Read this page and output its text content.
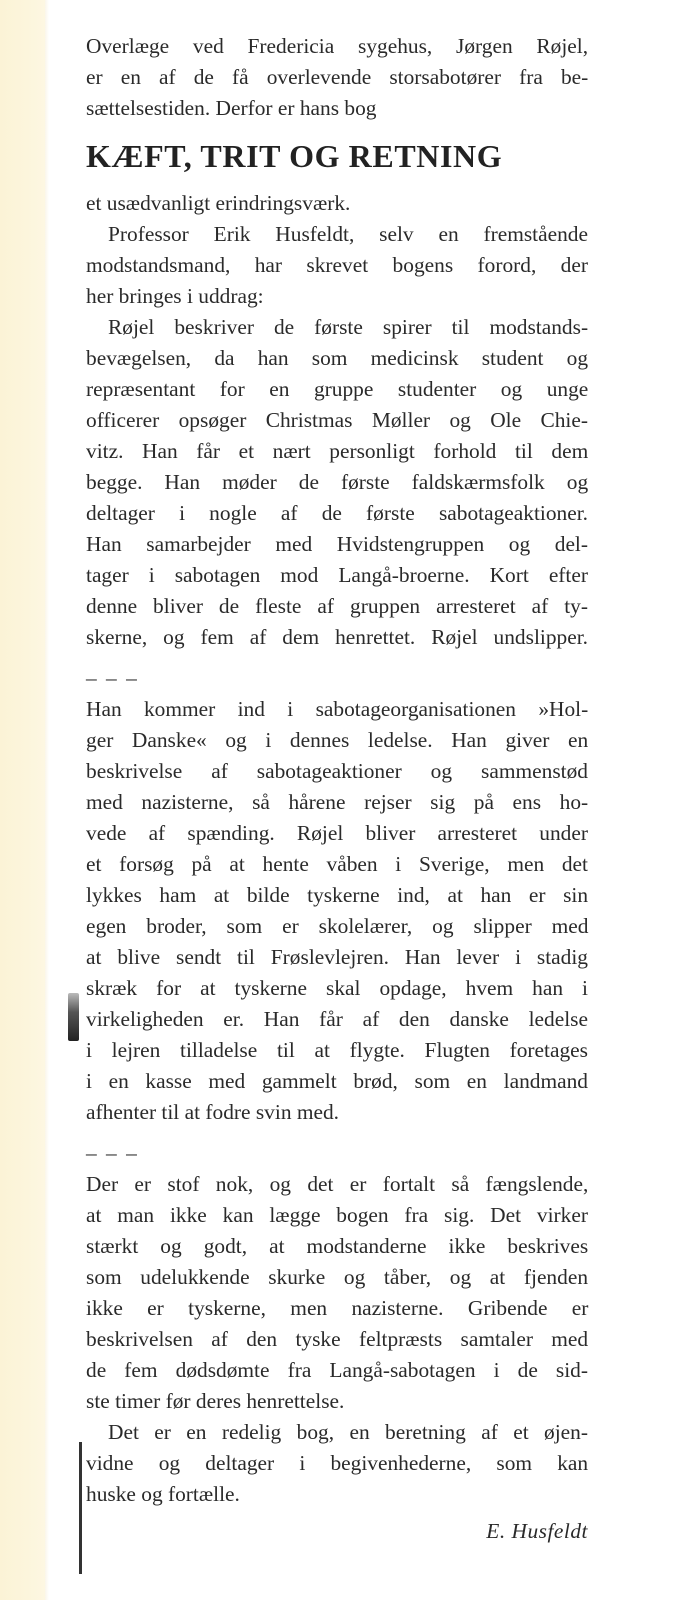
Overlæge ved Fredericia sygehus, Jørgen Røjel,
er en af de få overlevende storsabotører fra be-
sættelsestiden. Derfor er hans bog
KÆFT, TRIT OG RETNING
et usædvanligt erindringsværk.
Professor Erik Husfeldt, selv en fremstående
modstandsmand, har skrevet bogens forord, der
her bringes i uddrag:
Røjel beskriver de første spirer til modstands-
bevægelsen, da han som medicinsk student og
repræsentant for en gruppe studenter og unge
officerer opsøger Christmas Møller og Ole Chie-
vitz. Han får et nært personligt forhold til dem
begge. Han møder de første faldskærmsfolk og
deltager i nogle af de første sabotageaktioner.
Han samarbejder med Hvidstengruppen og del-
tager i sabotagen mod Langå-broerne. Kort efter
denne bliver de fleste af gruppen arresteret af ty-
skerne, og fem af dem henrettet. Røjel undslipper.
– – –
Han kommer ind i sabotageorganisationen »Hol-
ger Danske« og i dennes ledelse. Han giver en
beskrivelse af sabotageaktioner og sammenstød
med nazisterne, så hårene rejser sig på ens ho-
vede af spænding. Røjel bliver arresteret under
et forsøg på at hente våben i Sverige, men det
lykkes ham at bilde tyskerne ind, at han er sin
egen broder, som er skolelærer, og slipper med
at blive sendt til Frøslevlejren. Han lever i stadig
skræk for at tyskerne skal opdage, hvem han i
virkeligheden er. Han får af den danske ledelse
i lejren tilladelse til at flygte. Flugten foretages
i en kasse med gammelt brød, som en landmand
afhenter til at fodre svin med.
– – –
Der er stof nok, og det er fortalt så fængslende,
at man ikke kan lægge bogen fra sig. Det virker
stærkt og godt, at modstanderne ikke beskrives
som udelukkende skurke og tåber, og at fjenden
ikke er tyskerne, men nazisterne. Gribende er
beskrivelsen af den tyske feltpræsts samtaler med
de fem dødsdømte fra Langå-sabotagen i de sid-
ste timer før deres henrettelse.
Det er en redelig bog, en beretning af et øjen-
vidne og deltager i begivenhederne, som kan
huske og fortælle.
E. Husfeldt
